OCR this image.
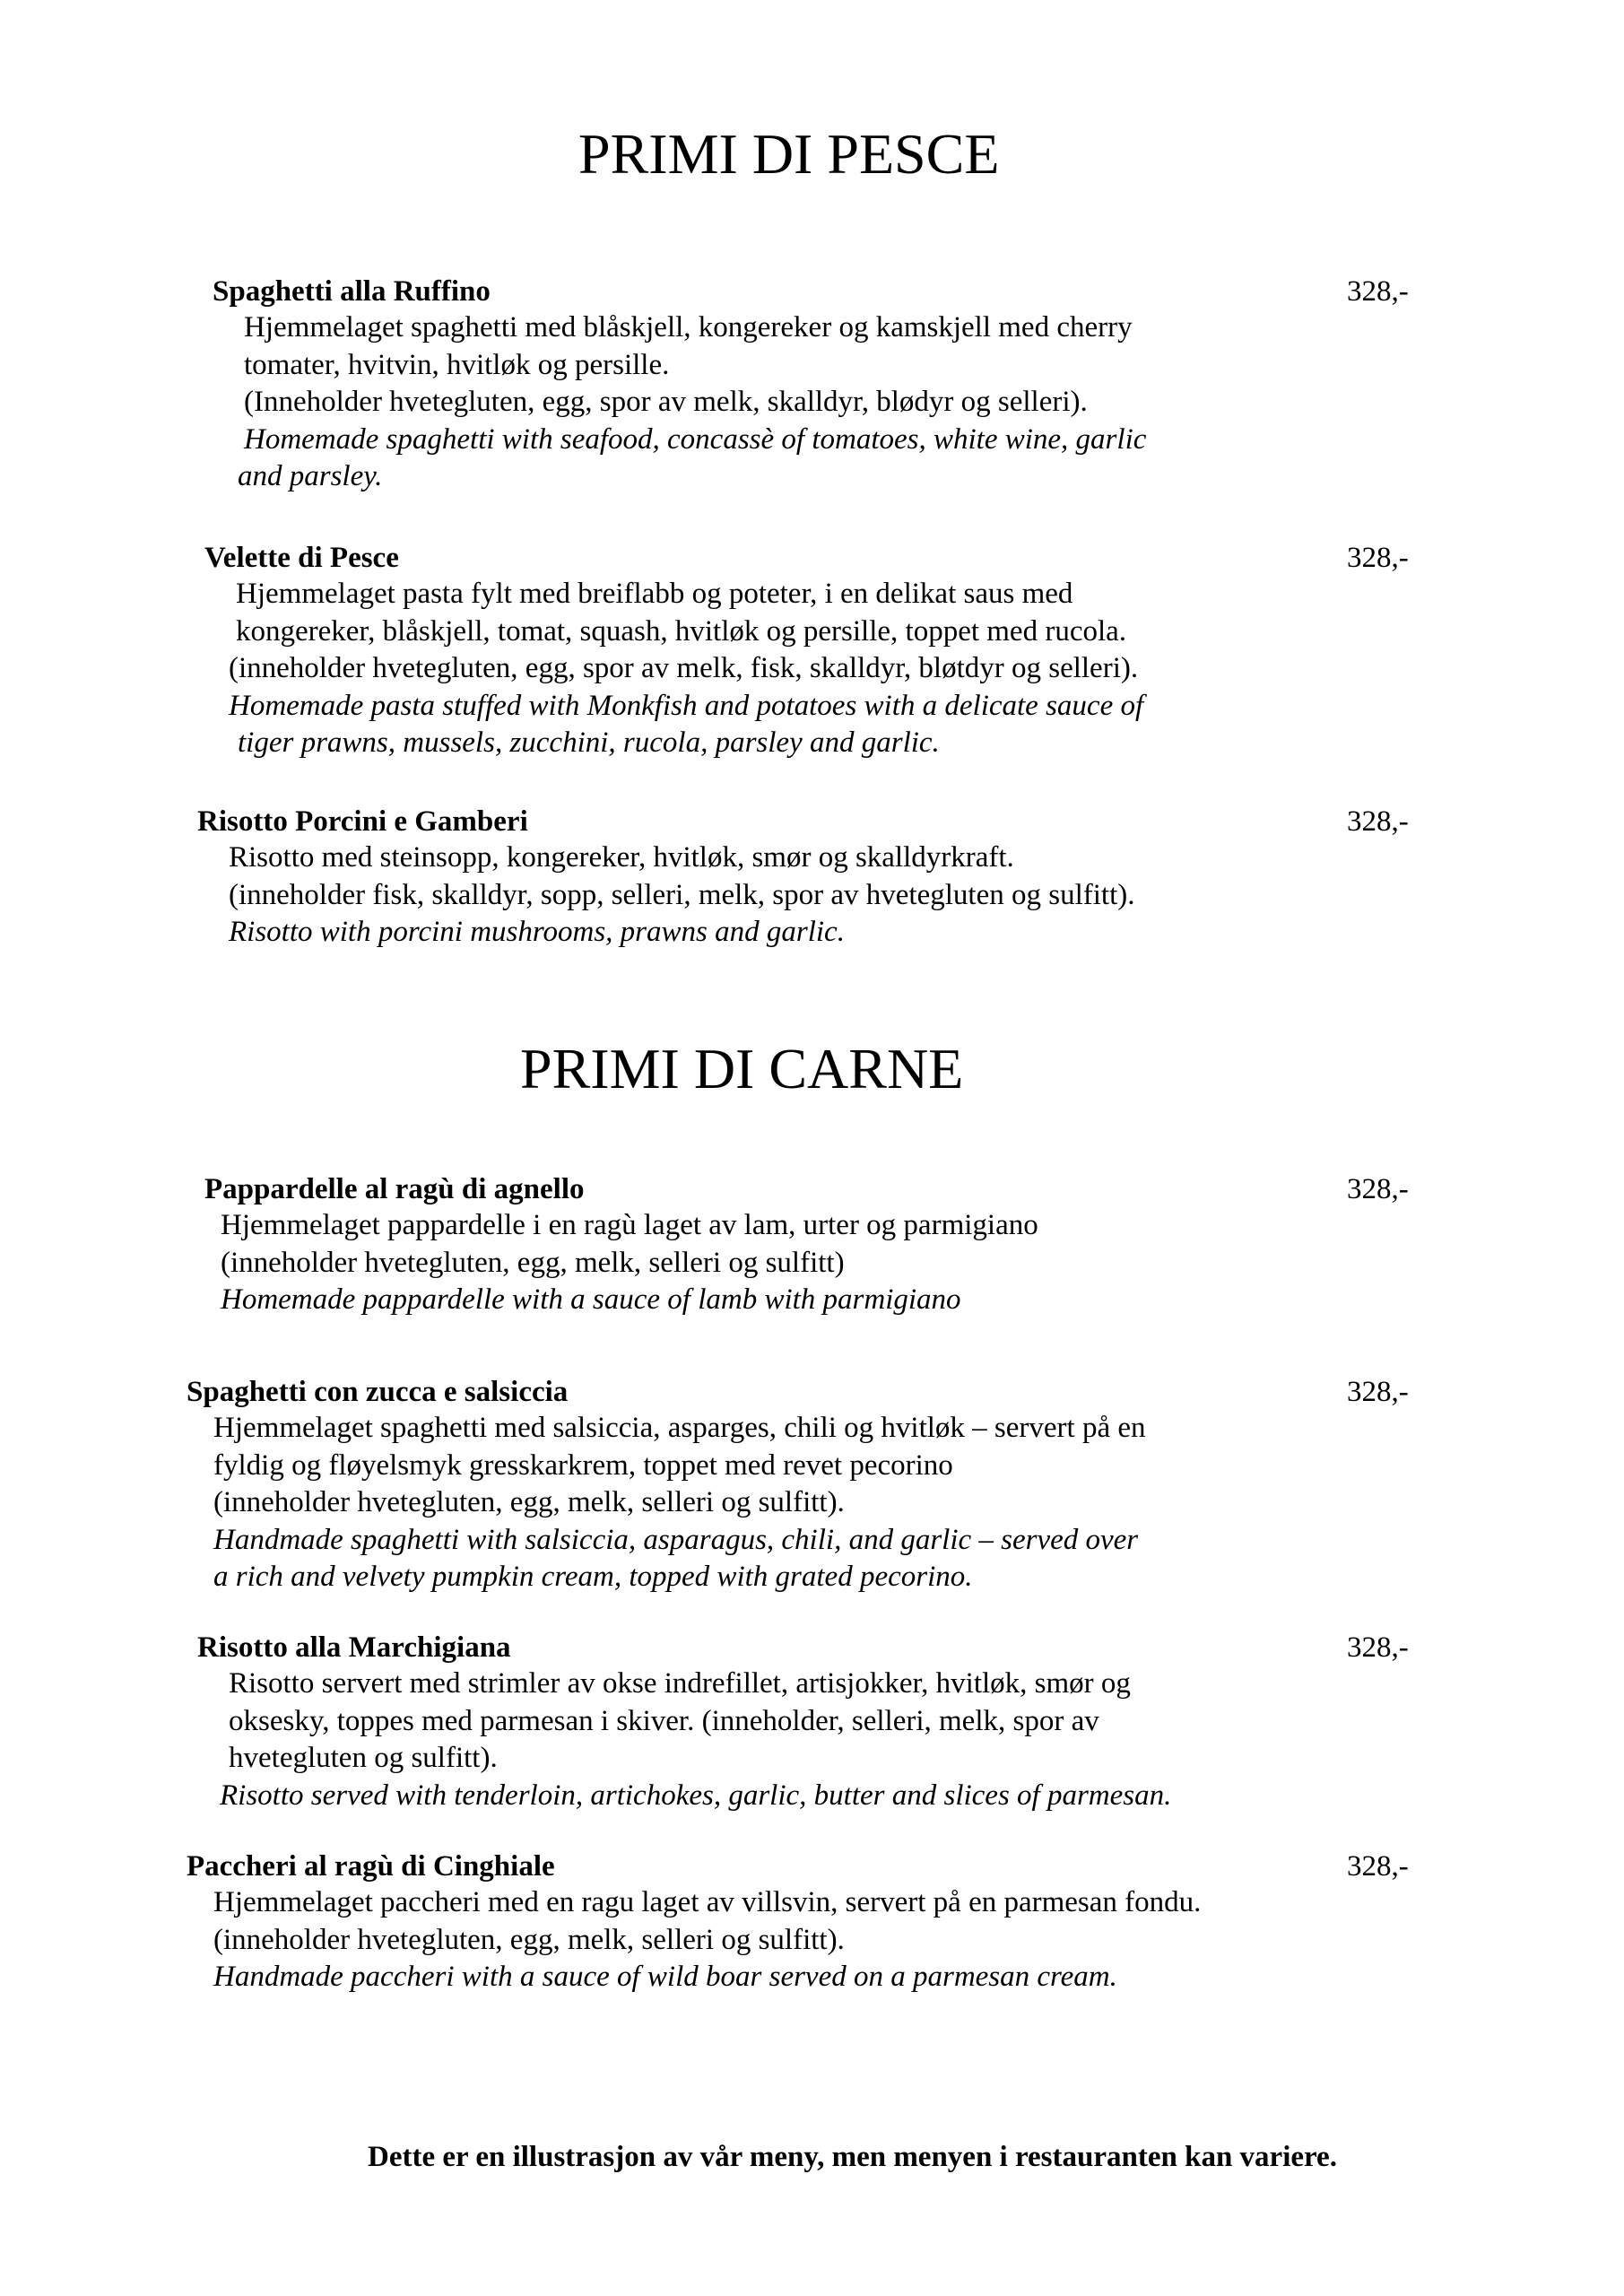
PRIMI DI PESCE
Spaghetti alla Ruffino	328,-
Hjemmelaget spaghetti med blåskjell, kongereker og kamskjell med cherry
tomater, hvitvin, hvitløk og persille.
(Inneholder hvetegluten, egg, spor av melk, skalldyr, blødyr og selleri).
Homemade spaghetti with seafood, concassè of tomatoes, white wine, garlic
and parsley.
Velette di Pesce	328,-
Hjemmelaget pasta fylt med breiflabb og poteter, i en delikat saus med
kongereker, blåskjell, tomat, squash, hvitløk og persille, toppet med rucola.
(inneholder hvetegluten, egg, spor av melk, fisk, skalldyr, bløtdyr og selleri).
Homemade pasta stuffed with Monkfish and potatoes with a delicate sauce of
tiger prawns, mussels, zucchini, rucola, parsley and garlic.
Risotto Porcini e Gamberi	328,-
Risotto med steinsopp, kongereker, hvitløk, smør og skalldyrkraft.
(inneholder fisk, skalldyr, sopp, selleri, melk, spor av hvetegluten og sulfitt).
Risotto with porcini mushrooms, prawns and garlic.
PRIMI DI CARNE
Pappardelle al ragù di agnello	328,-
Hjemmelaget pappardelle i en ragù laget av lam, urter og parmigiano
(inneholder hvetegluten, egg, melk, selleri og sulfitt)
Homemade pappardelle with a sauce of lamb with parmigiano
Spaghetti con zucca e salsiccia	328,-
Hjemmelaget spaghetti med salsiccia, asparges, chili og hvitløk – servert på en
fyldig og fløyelsmyk gresskarkrem, toppet med revet pecorino
(inneholder hvetegluten, egg, melk, selleri og sulfitt).
Handmade spaghetti with salsiccia, asparagus, chili, and garlic – served over
a rich and velvety pumpkin cream, topped with grated pecorino.
Risotto alla Marchigiana	328,-
Risotto servert med strimler av okse indrefillet, artisjokker, hvitløk, smør og
oksesky, toppes med parmesan i skiver. (inneholder, selleri, melk, spor av
hvetegluten og sulfitt).
Risotto served with tenderloin, artichokes, garlic, butter and slices of parmesan.
Paccheri al ragù di Cinghiale	328,-
Hjemmelaget paccheri med en ragu laget av villsvin, servert på en parmesan fondu.
(inneholder hvetegluten, egg, melk, selleri og sulfitt).
Handmade paccheri with a sauce of wild boar served on a parmesan cream.
Dette er en illustrasjon av vår meny, men menyen i restauranten kan variere.
